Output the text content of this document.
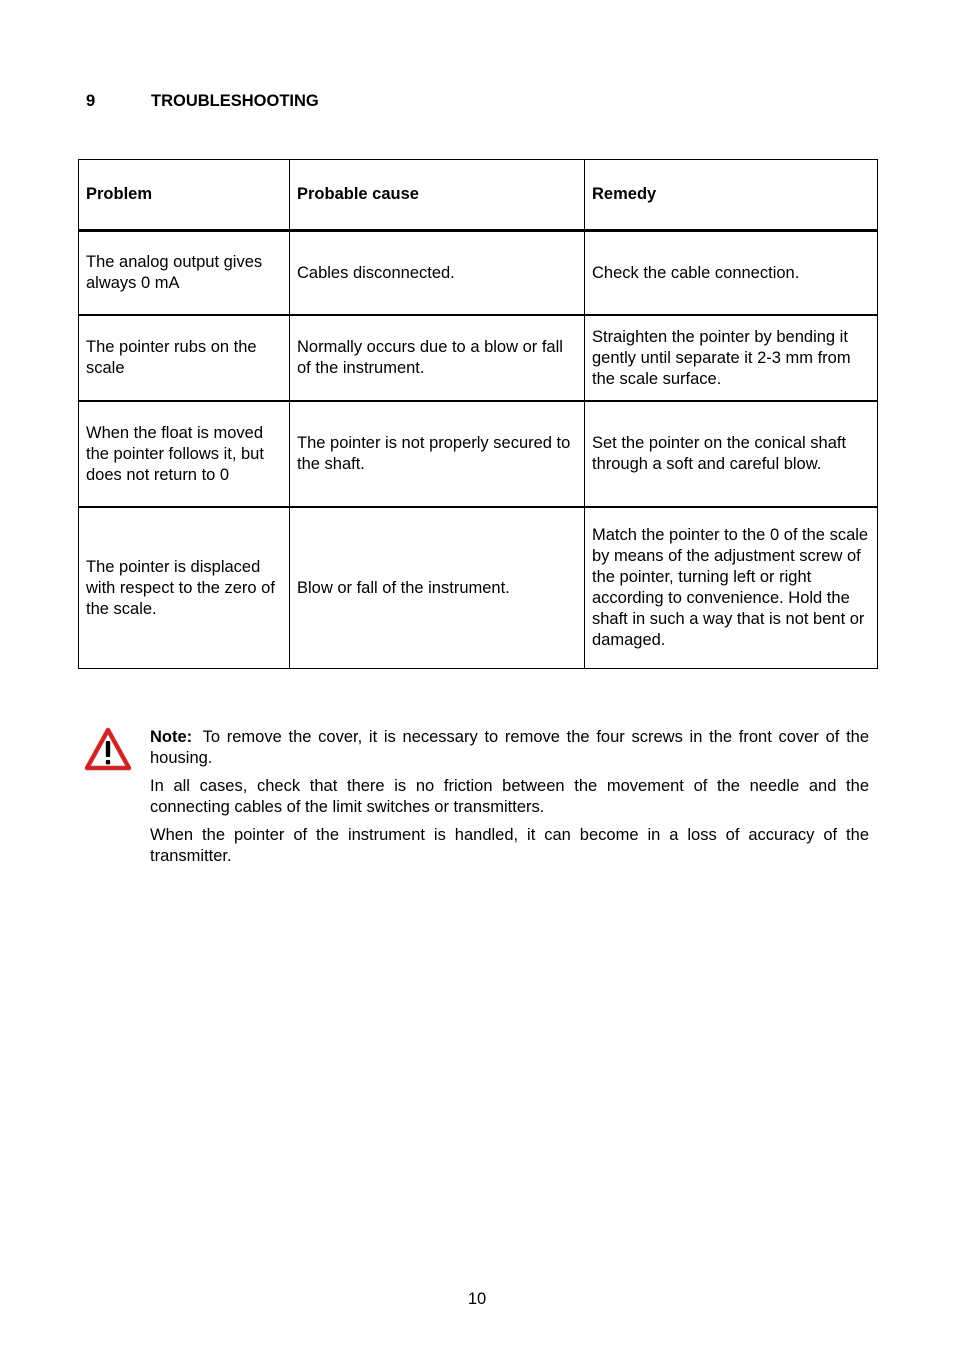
9	TROUBLESHOOTING
Problem	Probable cause	Remedy
The analog output gives always 0 mA	Cables disconnected.	Check the cable connection.
The pointer rubs on the scale	Normally occurs due to a blow or fall of the instrument.	Straighten the pointer by bending it gently until separate it 2-3 mm from the scale surface.
When the float is moved the pointer follows it, but does not return to 0	The pointer is not properly secured to the shaft.	Set the pointer on the conical shaft through a soft and careful blow.
The pointer is displaced with respect to the zero of the scale.	Blow or fall of the instrument.	Match the pointer to the 0 of the scale by means of the adjustment screw of the pointer, turning left or right according to convenience. Hold the shaft in such a way that is not bent or damaged.

Note: To remove the cover, it is necessary to remove the four screws in the front cover of the housing.

In all cases, check that there is no friction between the movement of the needle and the connecting cables of the limit switches or transmitters.

When the pointer of the instrument is handled, it can become in a loss of accuracy of the transmitter.

10
